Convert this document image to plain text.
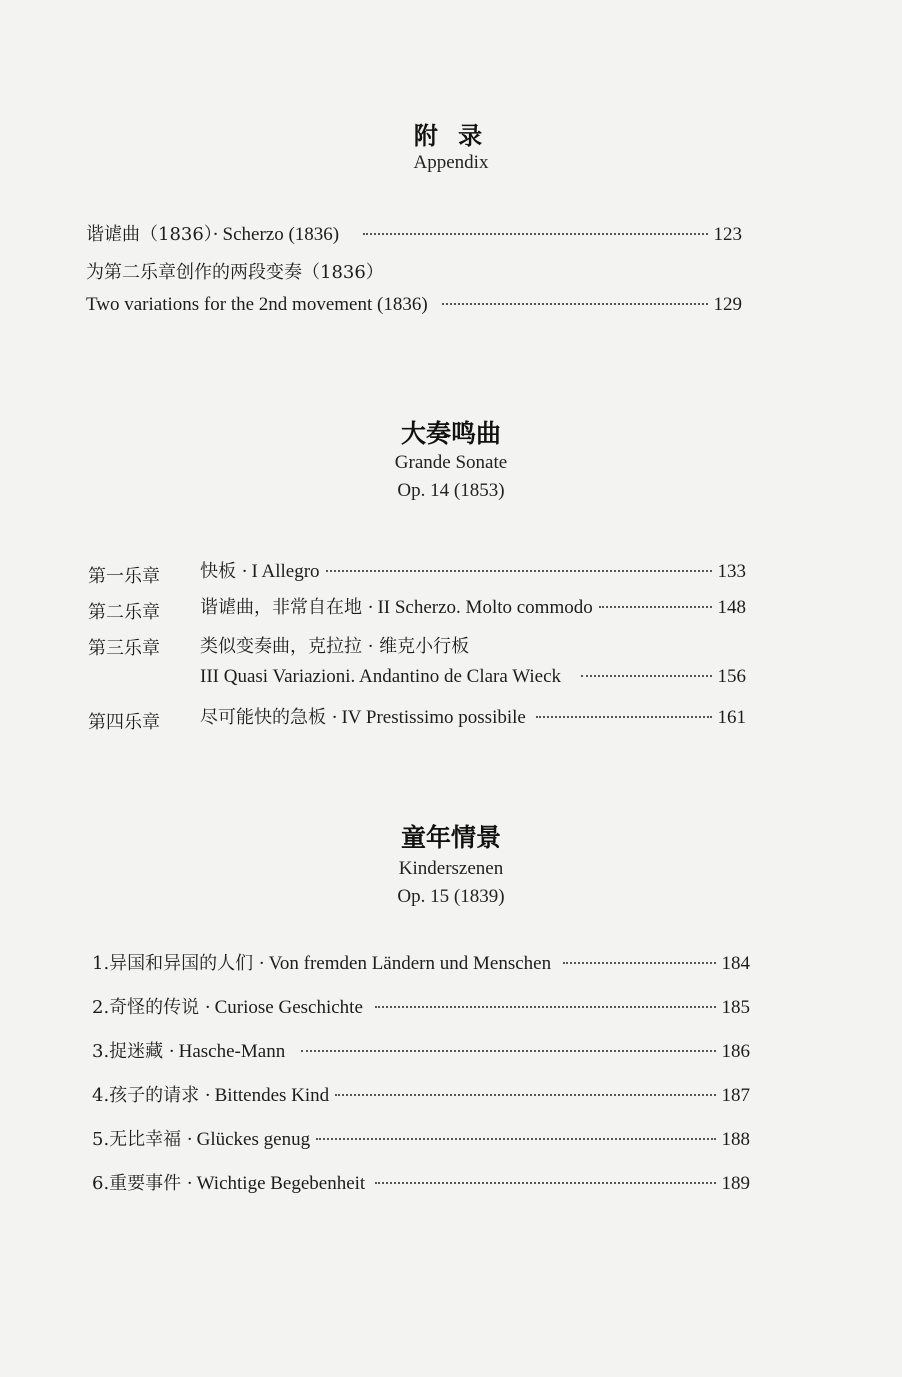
附 录
Appendix
谐谑曲（1836）· Scherzo (1836)	123
为第二乐章创作的两段变奏（1836）
Two variations for the 2nd movement (1836)	129
大奏鸣曲
Grande Sonate
Op. 14 (1853)
第一乐章 快板 · I Allegro	133
第二乐章 谐谑曲，非常自在地 · II Scherzo. Molto commodo	148
第三乐章 类似变奏曲，克拉拉 · 维克小行板
III Quasi Variazioni. Andantino de Clara Wieck	156
第四乐章 尽可能快的急板 · IV Prestissimo possibile	161
童年情景
Kinderszenen
Op. 15 (1839)
1.异国和异国的人们 · Von fremden Ländern und Menschen	184
2.奇怪的传说 · Curiose Geschichte	185
3.捉迷藏 · Hasche-Mann	186
4.孩子的请求 · Bittendes Kind	187
5.无比幸福 · Glückes genug	188
6.重要事件 · Wichtige Begebenheit	189
